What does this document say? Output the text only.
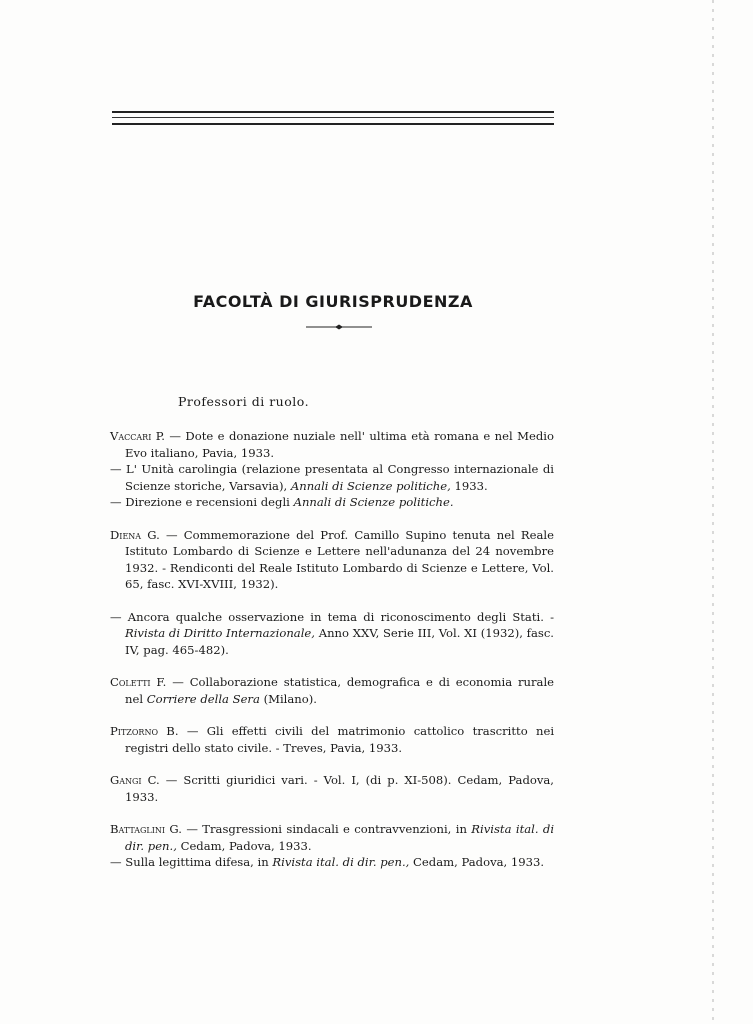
FACOLTÀ DI GIURISPRUDENZA
Professori di ruolo.

Vaccari P. — Dote e donazione nuziale nell' ultima età romana e nel Medio Evo italiano, Pavia, 1933.

— L' Unità carolingia (relazione presentata al Congresso internazionale di Scienze storiche, Varsavia), Annali di Scienze politiche, 1933.

— Direzione e recensioni degli Annali di Scienze politiche.

Diena G. — Commemorazione del Prof. Camillo Supino tenuta nel Reale Istituto Lombardo di Scienze e Lettere nell'adunanza del 24 novembre 1932. - Rendiconti del Reale Istituto Lombardo di Scienze e Lettere, Vol. 65, fasc. XVI-XVIII, 1932).

— Ancora qualche osservazione in tema di riconoscimento degli Stati. - Rivista di Diritto Internazionale, Anno XXV, Serie III, Vol. XI (1932), fasc. IV, pag. 465-482).

Coletti F. — Collaborazione statistica, demografica e di economia rurale nel Corriere della Sera (Milano).

Pitzorno B. — Gli effetti civili del matrimonio cattolico trascritto nei registri dello stato civile. - Treves, Pavia, 1933.

Gangi C. — Scritti giuridici vari. - Vol. I, (di p. XI-508). Cedam, Padova, 1933.

Battaglini G. — Trasgressioni sindacali e contravvenzioni, in Rivista ital. di dir. pen., Cedam, Padova, 1933.

— Sulla legittima difesa, in Rivista ital. di dir. pen., Cedam, Padova, 1933.
